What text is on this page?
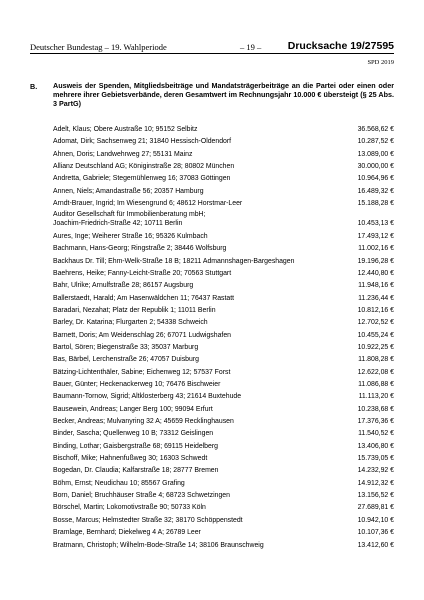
Deutscher Bundestag – 19. Wahlperiode	– 19 –	Drucksache 19/27595
SPD 2019
B. Ausweis der Spenden, Mitgliedsbeiträge und Mandatsträgerbeiträge an die Partei oder einen oder mehrere ihrer Gebietsverbände, deren Gesamtwert im Rechnungsjahr 10.000 € übersteigt (§ 25 Abs. 3 PartG)
Adelt, Klaus; Obere Austraße 10; 95152 Selbitz	36.568,62 €
Adomat, Dirk; Sachsenweg 21; 31840 Hessisch-Oldendorf	10.287,52 €
Ahnen, Doris; Landwehrweg 27; 55131 Mainz	13.089,00 €
Allianz Deutschland AG; Königinstraße 28; 80802 München	30.000,00 €
Andretta, Gabriele; Stegemühlenweg 16; 37083 Göttingen	10.964,96 €
Annen, Niels; Amandastraße 56; 20357 Hamburg	16.489,32 €
Arndt-Brauer, Ingrid; Im Wiesengrund 6; 48612 Horstmar-Leer	15.188,28 €
Auditor Gesellschaft für Immobilienberatung mbH;
Joachim-Friedrich-Straße 42; 10711 Berlin	10.453,13 €
Aures, Inge; Weiherer Straße 16; 95326 Kulmbach	17.493,12 €
Bachmann, Hans-Georg; Ringstraße 2; 38446 Wolfsburg	11.002,16 €
Backhaus Dr. Till; Ehm-Welk-Straße 18 B; 18211 Admannshagen-Bargeshagen	19.196,28 €
Baehrens, Heike; Fanny-Leicht-Straße 20; 70563 Stuttgart	12.440,80 €
Bahr, Ulrike; Arnulfstraße 28; 86157 Augsburg	11.948,16 €
Ballerstaedt, Harald; Am Hasenwäldchen 11; 76437 Rastatt	11.236,44 €
Baradari, Nezahat; Platz der Republik 1; 11011 Berlin	10.812,16 €
Barley, Dr. Katarina; Flurgarten 2; 54338 Schweich	12.702,52 €
Barnett, Doris; Am Weidenschlag 26; 67071 Ludwigshafen	10.455,24 €
Bartol, Sören; Biegenstraße 33; 35037 Marburg	10.922,25 €
Bas, Bärbel, Lerchenstraße 26; 47057 Duisburg	11.808,28 €
Bätzing-Lichtenthäler, Sabine; Eichenweg 12; 57537 Forst	12.622,08 €
Bauer, Günter; Heckenackerweg 10; 76476 Bischweier	11.086,88 €
Baumann-Tornow, Sigrid; Altklosterberg 43; 21614 Buxtehude	11.113,20 €
Bausewein, Andreas; Langer Berg 100; 99094 Erfurt	10.238,68 €
Becker, Andreas; Mulvanyring 32 A; 45659 Recklinghausen	17.376,36 €
Binder, Sascha; Quellenweg 10 B; 73312 Geislingen	11.540,52 €
Binding, Lothar; Gaisbergstraße 68; 69115 Heidelberg	13.406,80 €
Bischoff, Mike; Hahnenfußweg 30; 16303 Schwedt	15.739,05 €
Bogedan, Dr. Claudia; Kalfarstraße 18; 28777 Bremen	14.232,92 €
Böhm, Ernst; Neudichau 10; 85567 Grafing	14.912,32 €
Born, Daniel; Bruchhäuser Straße 4; 68723 Schwetzingen	13.156,52 €
Börschel, Martin; Lokomotivstraße 90; 50733 Köln	27.689,81 €
Bosse, Marcus; Helmstedter Straße 32; 38170 Schöppenstedt	10.942,10 €
Bramlage, Bernhard; Diekelweg 4 A; 26789 Leer	10.107,36 €
Bratmann, Christoph; Wilhelm-Bode-Straße 14; 38106 Braunschweig	13.412,60 €
